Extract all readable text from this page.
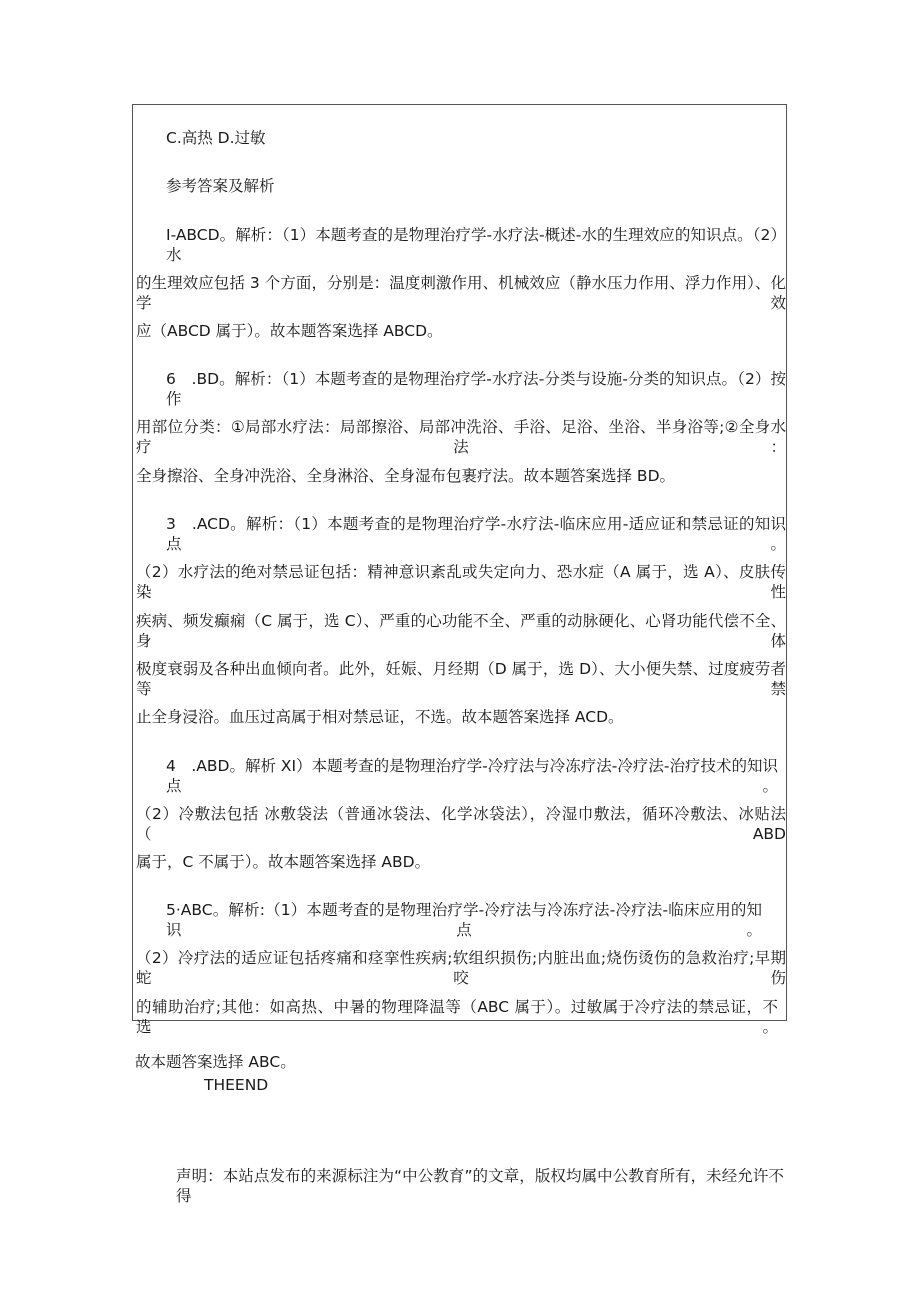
C.高热 D.过敏
参考答案及解析
I-ABCD。解析：（1）本题考查的是物理治疗学-水疗法-概述-水的生理效应的知识点。（2）水
的生理效应包括 3 个方面，分别是：温度刺激作用、机械效应（静水压力作用、浮力作用）、化学效
应（ABCD 属于）。故本题答案选择 ABCD。
6　.BD。解析：（1）本题考查的是物理治疗学-水疗法-分类与设施-分类的知识点。（2）按作
用部位分类：①局部水疗法：局部擦浴、局部冲洗浴、手浴、足浴、坐浴、半身浴等;②全身水疗法：
全身擦浴、全身冲洗浴、全身淋浴、全身湿布包裹疗法。故本题答案选择 BD。
3　.ACD。解析：（1）本题考查的是物理治疗学-水疗法-临床应用-适应证和禁忌证的知识点。
（2）水疗法的绝对禁忌证包括：精神意识紊乱或失定向力、恐水症（A 属于，选 A）、皮肤传染性
疾病、频发癫痫（C 属于，选 C）、严重的心功能不全、严重的动脉硬化、心肾功能代偿不全、身体
极度衰弱及各种出血倾向者。此外，妊娠、月经期（D 属于，选 D）、大小便失禁、过度疲劳者等禁
止全身浸浴。血压过高属于相对禁忌证，不选。故本题答案选择 ACD。
4　.ABD。解析 XI）本题考查的是物理治疗学-冷疗法与冷冻疗法-冷疗法-治疗技术的知识点。
（2）冷敷法包括 冰敷袋法（普通冰袋法、化学冰袋法），冷湿巾敷法，循环冷敷法、冰贴法（ABD
属于，C 不属于）。故本题答案选择 ABD。
5·ABC。解析:（1）本题考査的是物理治疗学-冷疗法与冷冻疗法-冷疗法-临床应用的知识点。
（2）冷疗法的适应证包括疼痛和痉挛性疾病;软组织损伤;内脏出血;烧伤烫伤的急救治疗;早期蛇咬伤
的辅助治疗;其他：如高热、中暑的物理降温等（ABC 属于）。过敏属于冷疗法的禁忌证，不选。
故本题答案选择 ABC。
THEEND
声明：本站点发布的来源标注为“中公教育”的文章，版权均属中公教育所有，未经允许不得
